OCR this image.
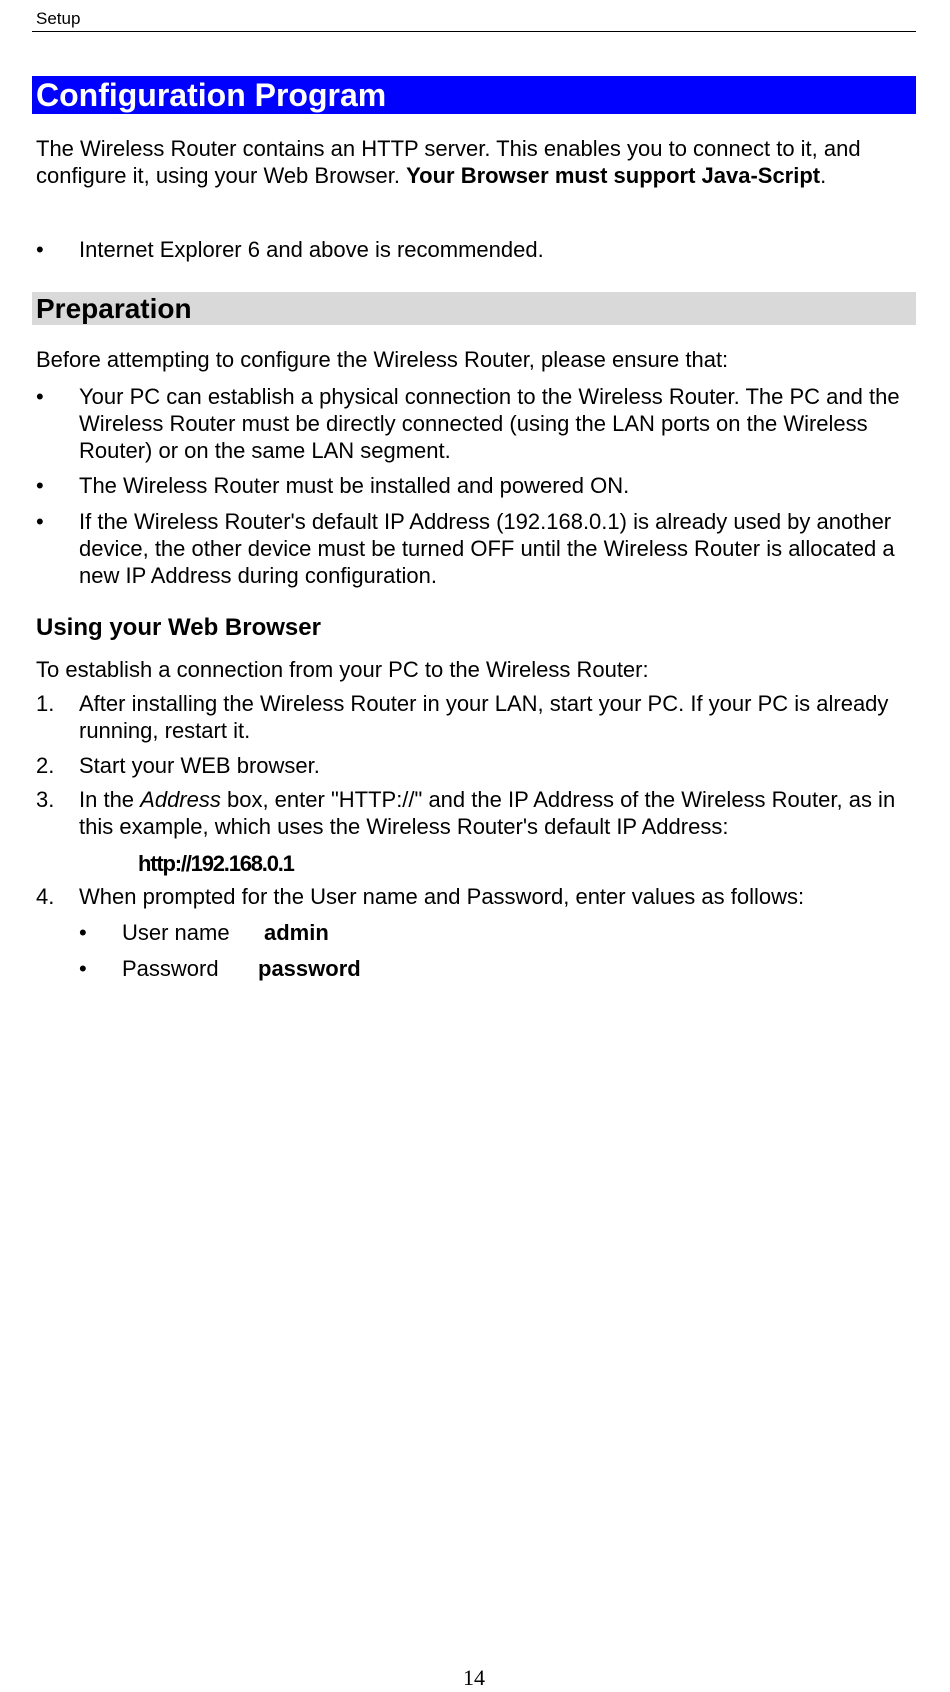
Setup
Configuration Program
The Wireless Router contains an HTTP server. This enables you to connect to it, and configure it, using your Web Browser. Your Browser must support Java-Script.
•	Internet Explorer 6 and above is recommended.
Preparation
Before attempting to configure the Wireless Router, please ensure that:
•	Your PC can establish a physical connection to the Wireless Router. The PC and the Wireless Router must be directly connected (using the LAN ports on the Wireless Router) or on the same LAN segment.
•	The Wireless Router must be installed and powered ON.
•	If the Wireless Router's default IP Address (192.168.0.1) is already used by another device, the other device must be turned OFF until the Wireless Router is allocated a new IP Address during configuration.
Using your Web Browser
To establish a connection from your PC to the Wireless Router:
1.	After installing the Wireless Router in your LAN, start your PC. If your PC is already running, restart it.
2.	Start your WEB browser.
3.	In the Address box, enter "HTTP://" and the IP Address of the Wireless Router, as in this example, which uses the Wireless Router's default IP Address:
http://192.168.0.1
4.	When prompted for the User name and Password, enter values as follows:
• User name admin
• Password password
14
